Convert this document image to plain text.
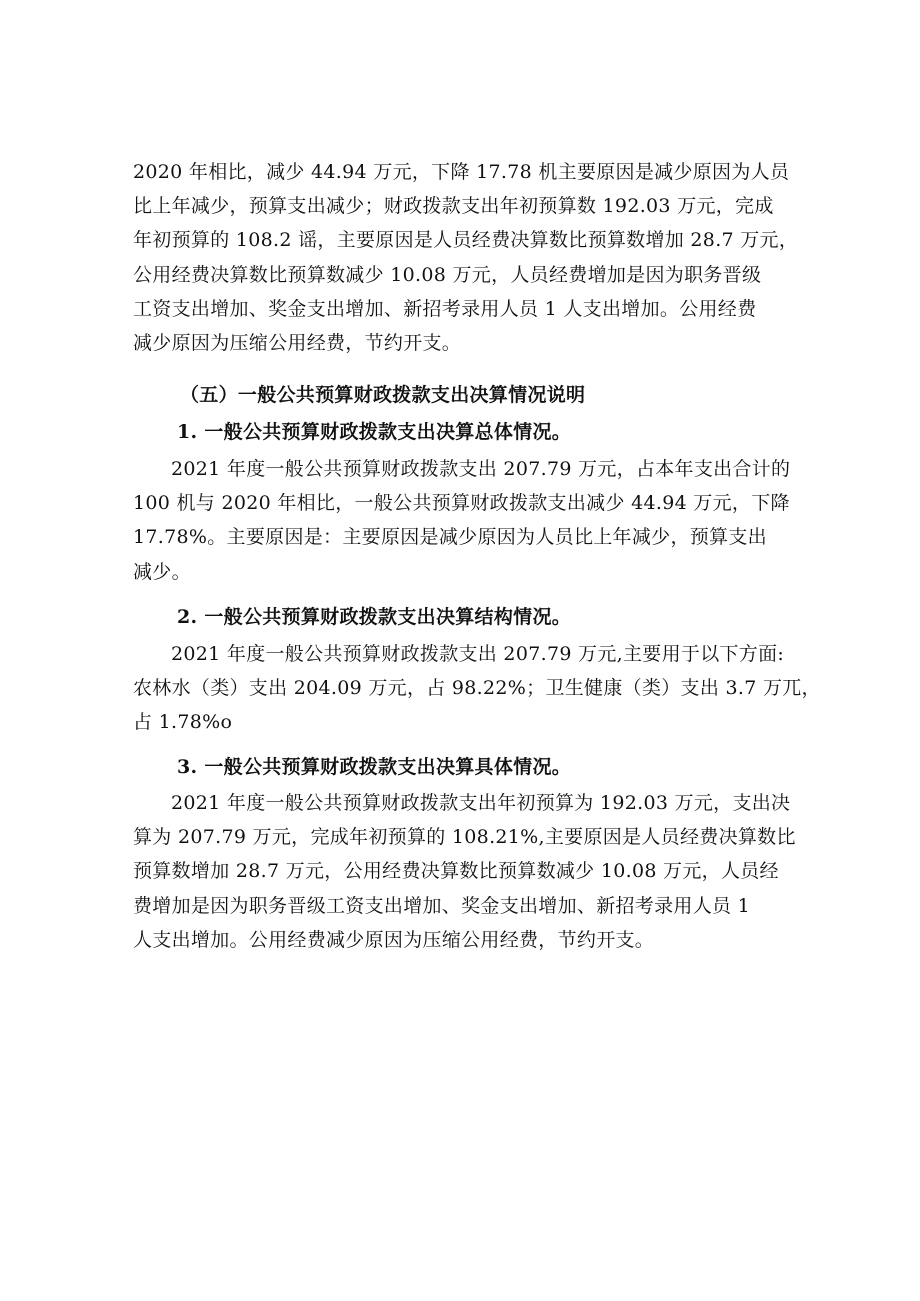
2020 年相比，减少 44.94 万元，下降 17.78 机主要原因是减少原因为人员
比上年减少，预算支出减少；财政拨款支出年初预算数 192.03 万元，完成
年初预算的 108.2 谣，主要原因是人员经费决算数比预算数增加 28.7 万元，
公用经费决算数比预算数减少 10.08 万元，人员经费增加是因为职务晋级
工资支出增加、奖金支出增加、新招考录用人员 1 人支出增加。公用经费
减少原因为压缩公用经费，节约开支。
（五）一般公共预算财政拨款支出决算情况说明
1. 一般公共预算财政拨款支出决算总体情况。
2021 年度一般公共预算财政拨款支出 207.79 万元，占本年支出合计的
100 机与 2020 年相比，一般公共预算财政拨款支出减少 44.94 万元，下降
17.78%。主要原因是：主要原因是减少原因为人员比上年减少，预算支出
减少。
2. 一般公共预算财政拨款支出决算结构情况。
2021 年度一般公共预算财政拨款支出 207.79 万元,主要用于以下方面:
农林水（类）支出 204.09 万元，占 98.22%；卫生健康（类）支出 3.7 万兀，
占 1.78%o
3. 一般公共预算财政拨款支出决算具体情况。
2021 年度一般公共预算财政拨款支出年初预算为 192.03 万元，支出决
算为 207.79 万元，完成年初预算的 108.21%,主要原因是人员经费决算数比
预算数增加 28.7 万元，公用经费决算数比预算数减少 10.08 万元，人员经
费增加是因为职务晋级工资支出增加、奖金支出增加、新招考录用人员 1
人支出增加。公用经费减少原因为压缩公用经费，节约开支。
